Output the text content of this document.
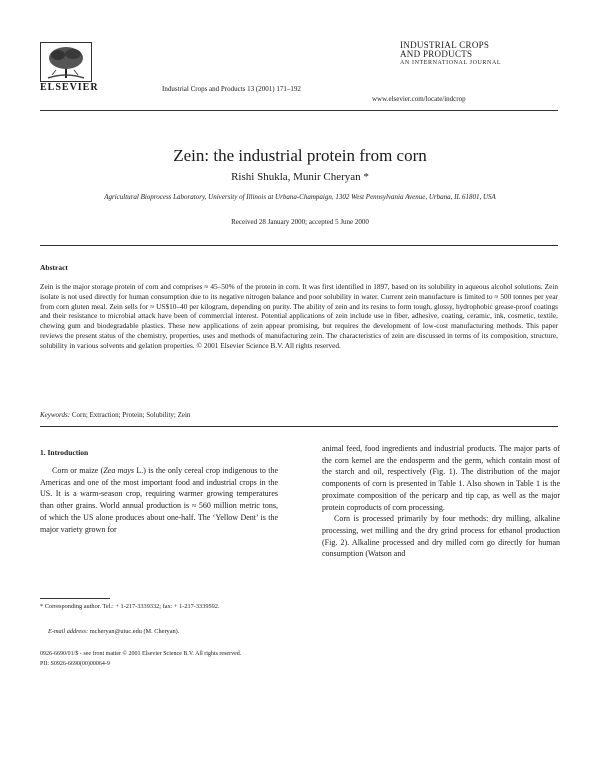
ELSEVIER	Industrial Crops and Products 13 (2001) 171–192
INDUSTRIAL CROPS
AND PRODUCTS
AN INTERNATIONAL JOURNAL
www.elsevier.com/locate/indcrop
Zein: the industrial protein from corn
Rishi Shukla, Munir Cheryan *
Agricultural Bioprocess Laboratory, University of Illinois at Urbana-Champaign, 1302 West Pennsylvania Avenue, Urbana, IL 61801, USA
Received 28 January 2000; accepted 5 June 2000
Abstract
Zein is the major storage protein of corn and comprises ≈ 45–50% of the protein in corn. It was first identified in 1897, based on its solubility in aqueous alcohol solutions. Zein isolate is not used directly for human consumption due to its negative nitrogen balance and poor solubility in water. Current zein manufacture is limited to ≈ 500 tonnes per year from corn gluten meal. Zein sells for ≈ US$10–40 per kilogram, depending on purity. The ability of zein and its resins to form tough, glossy, hydrophobic grease-proof coatings and their resistance to microbial attack have been of commercial interest. Potential applications of zein include use in fiber, adhesive, coating, ceramic, ink, cosmetic, textile, chewing gum and biodegradable plastics. These new applications of zein appear promising, but requires the development of low-cost manufacturing methods. This paper reviews the present status of the chemistry, properties, uses and methods of manufacturing zein. The characteristics of zein are discussed in terms of its composition, structure, solubility in various solvents and gelation properties. © 2001 Elsevier Science B.V. All rights reserved.
Keywords: Corn; Extraction; Protein; Solubility; Zein
1. Introduction

Corn or maize (Zea mays L.) is the only cereal crop indigenous to the Americas and one of the most important food and industrial crops in the US. It is a warm-season crop, requiring warmer growing temperatures than other grains. World annual production is ≈ 560 million metric tons, of which the US alone produces about one-half. The ‘Yellow Dent’ is the major variety grown for

animal feed, food ingredients and industrial products. The major parts of the corn kernel are the endosperm and the germ, which contain most of the starch and oil, respectively (Fig. 1). The distribution of the major components of corn is presented in Table 1. Also shown in Table 1 is the proximate composition of the pericarp and tip cap, as well as the major protein coproducts of corn processing.

Corn is processed primarily by four methods: dry milling, alkaline processing, wet milling and the dry grind process for ethanol production (Fig. 2). Alkaline processed and dry milled corn go directly for human consumption (Watson and

* Corresponding author. Tel.: + 1-217-3339332; fax: + 1-217-3339592.
E-mail address: mcheryan@uiuc.edu (M. Cheryan).
0926-6690/01/$ - see front matter © 2001 Elsevier Science B.V. All rights reserved.
PII: S0926-6690(00)00064-9
